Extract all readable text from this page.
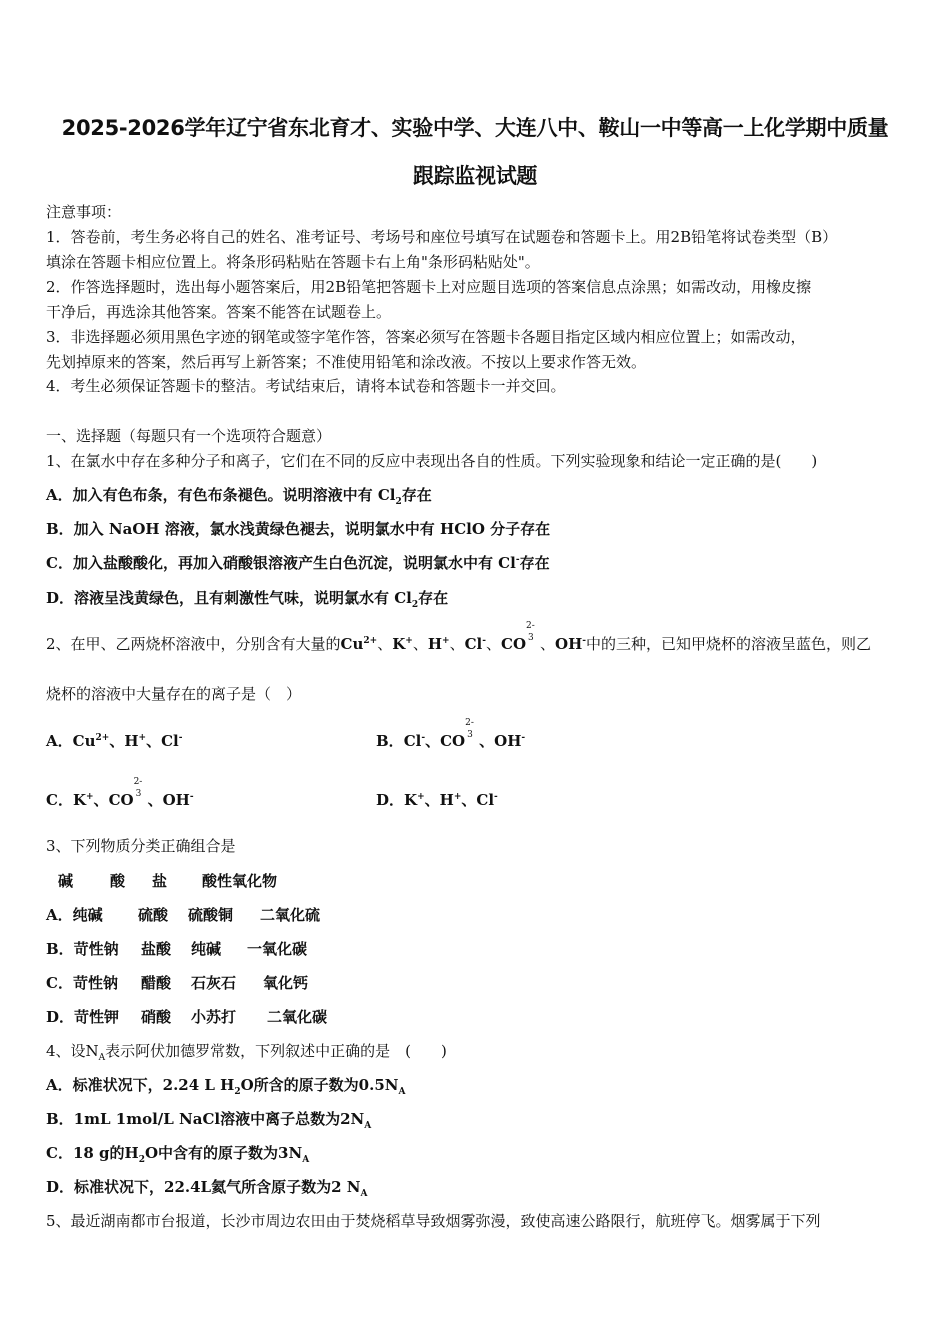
2025-2026学年辽宁省东北育才、实验中学、大连八中、鞍山一中等高一上化学期中质量
跟踪监视试题
注意事项：
1．答卷前，考生务必将自己的姓名、准考证号、考场号和座位号填写在试题卷和答题卡上。用2B铅笔将试卷类型（B）
填涂在答题卡相应位置上。将条形码粘贴在答题卡右上角"条形码粘贴处"。
2．作答选择题时，选出每小题答案后，用2B铅笔把答题卡上对应题目选项的答案信息点涂黑；如需改动，用橡皮擦
干净后，再选涂其他答案。答案不能答在试题卷上。
3．非选择题必须用黑色字迹的钢笔或签字笔作答，答案必须写在答题卡各题目指定区域内相应位置上；如需改动，
先划掉原来的答案，然后再写上新答案；不准使用铅笔和涂改液。不按以上要求作答无效。
4．考生必须保证答题卡的整洁。考试结束后，请将本试卷和答题卡一并交回。
一、选择题（每题只有一个选项符合题意）
1、在氯水中存在多种分子和离子，它们在不同的反应中表现出各自的性质。下列实验现象和结论一定正确的是(　　)
A．加入有色布条，有色布条褪色。说明溶液中有 $Cl_2$存在
B．加入 NaOH 溶液，氯水浅黄绿色褪去，说明氯水中有 HClO 分子存在
C．加入盐酸酸化，再加入硝酸银溶液产生白色沉淀，说明氯水中有 Cl-存在
D．溶液呈浅黄绿色，且有刺激性气味，说明氯水有 $Cl_2$存在
2、在甲、乙两烧杯溶液中，分别含有大量的$Cu^{2+}$、K+、H+、Cl-、CO
2-
3 、OH-中的三种，已知甲烧杯的溶液呈蓝色，则乙
烧杯的溶液中大量存在的离子是（　）
A．$Cu^{2+}$、H+、Cl-	B．Cl-、CO
2-
3 、OH-
C．K+、CO
2-
3 、OH-	D．K+、H+、Cl-
3、下列物质分类正确组合是
碱 酸 盐 酸性氧化物
A．纯碱 硫酸 硫酸铜 二氧化硫
B．苛性钠 盐酸 纯碱 一氧化碳
C．苛性钠 醋酸 石灰石 氧化钙
D．苛性钾 硝酸 小苏打 二氧化碳
4、设$N_A$表示阿伏加德罗常数，下列叙述中正确的是　(　　)
A．标准状况下，2.24 L $H_2O$所含的原子数为$0.5N_A$
B．1mL 1mol/L NaCl溶液中离子总数为$2N_A$
C．18 g的$H_2O$中含有的原子数为$3N_A$
D．标准状况下，22.4L氦气所含原子数为2 $N_A$
5、最近湖南都市台报道，长沙市周边农田由于焚烧稻草导致烟雾弥漫，致使高速公路限行，航班停飞。烟雾属于下列
